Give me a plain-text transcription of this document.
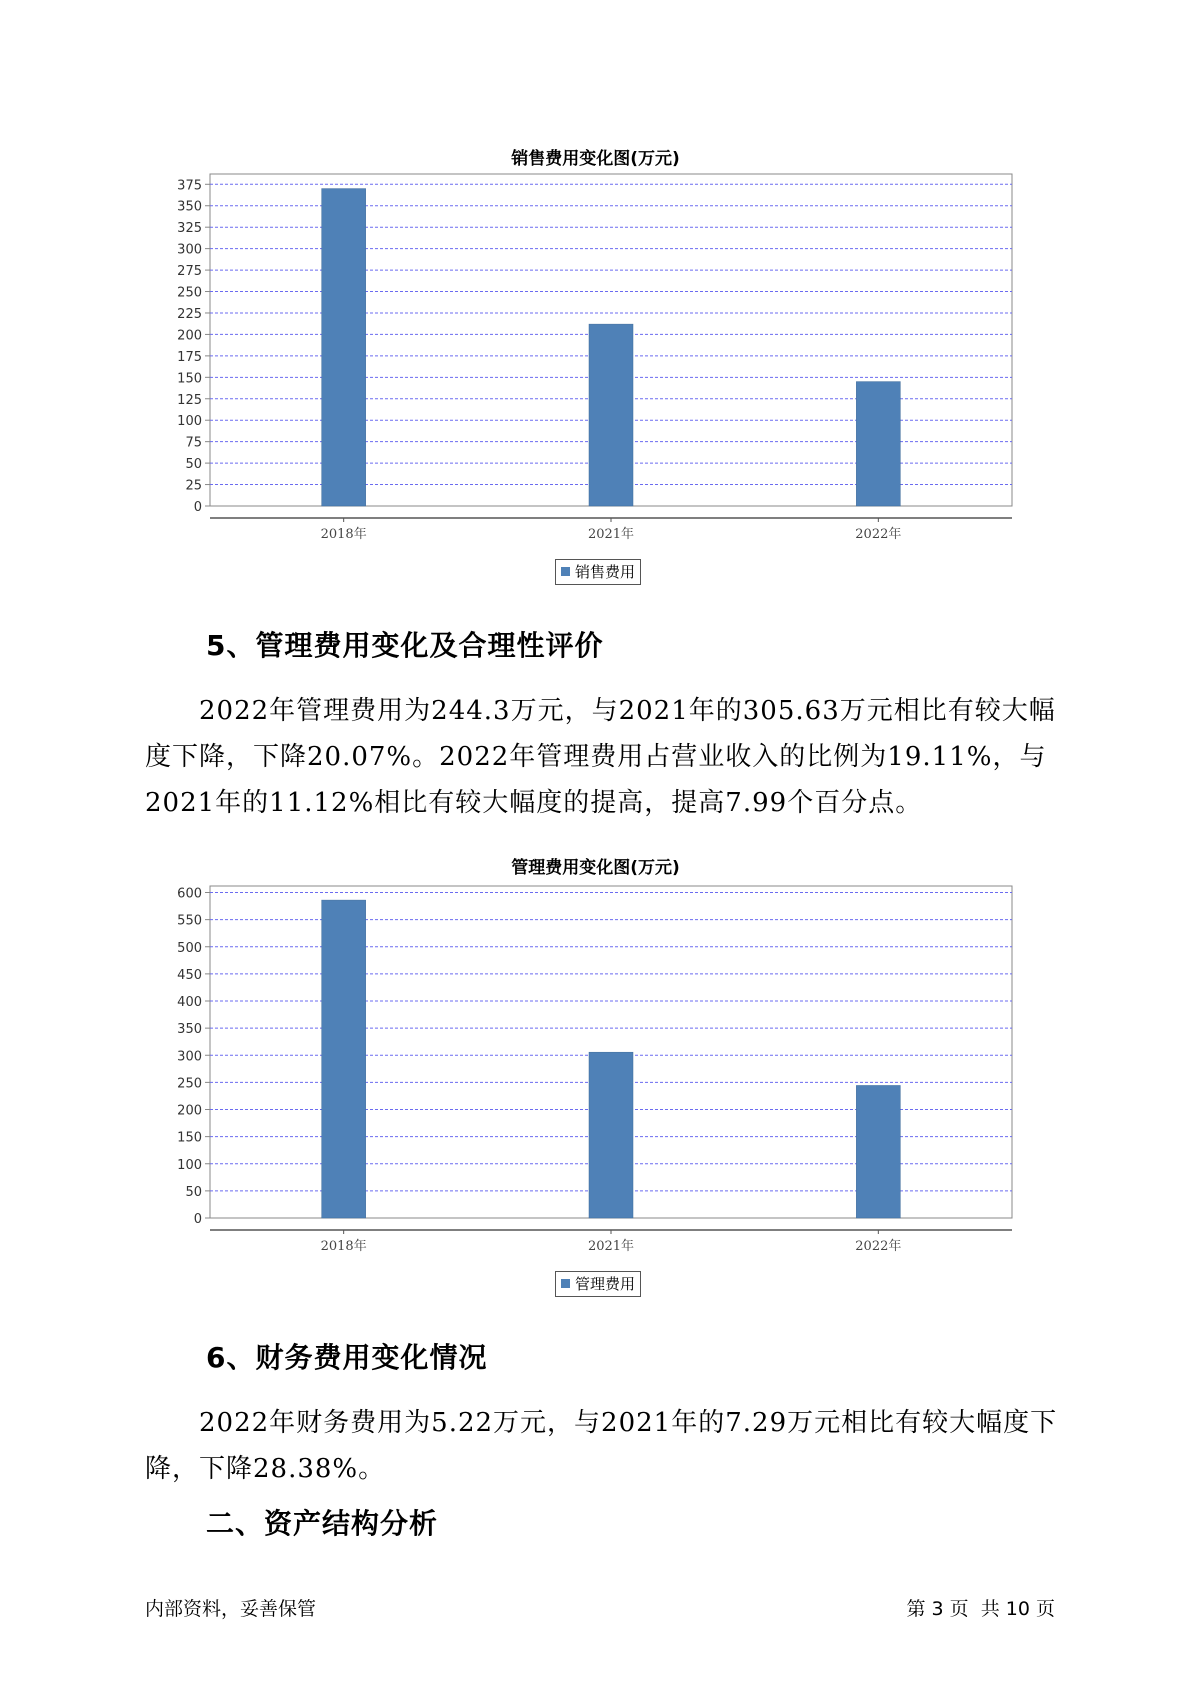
销售费用变化图(万元)
0
25
50
75
100
125
150
175
200
225
250
275
300
325
350
375
2018年	2021年	2022年
销售费用
5、管理费用变化及合理性评价
2022年管理费用为244.3万元，与2021年的305.63万元相比有较大幅度下降，下降20.07%。2022年管理费用占营业收入的比例为19.11%，与2021年的11.12%相比有较大幅度的提高，提高7.99个百分点。
管理费用变化图(万元)
0
50
100
150
200
250
300
350
400
450
500
550
600
2018年	2021年	2022年
管理费用
6、财务费用变化情况
2022年财务费用为5.22万元，与2021年的7.29万元相比有较大幅度下降，下降28.38%。
二、资产结构分析
内部资料，妥善保管	第 3 页  共 10 页
